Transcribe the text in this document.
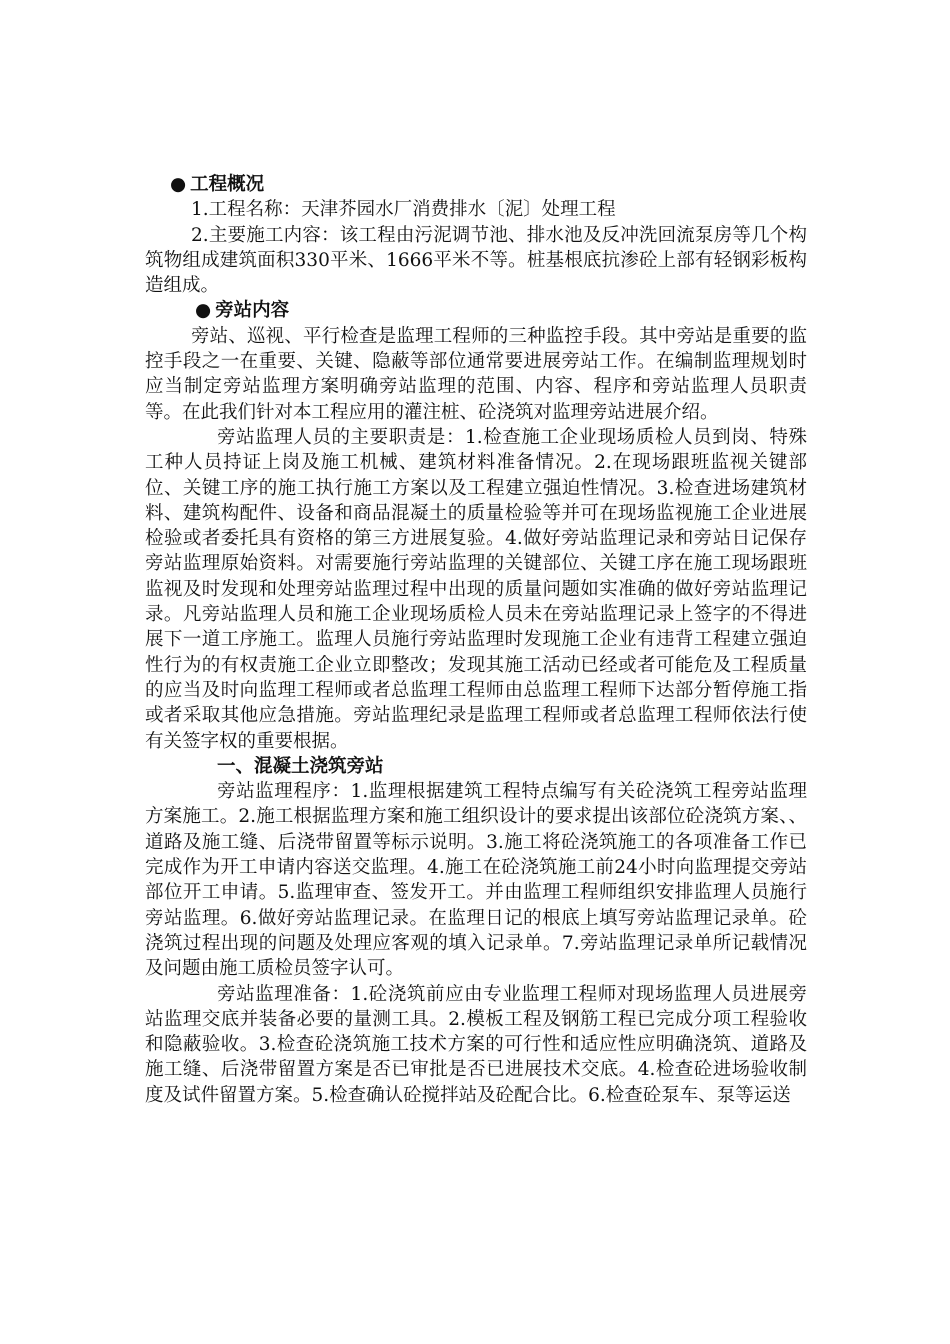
● 工程概况

1.工程名称：天津芥园水厂消费排水〔泥〕处理工程

2.主要施工内容：该工程由污泥调节池、排水池及反冲洗回流泵房等几个构筑物组成建筑面积330平米、1666平米不等。桩基根底抗渗砼上部有轻钢彩板构造组成。

● 旁站内容

旁站、巡视、平行检查是监理工程师的三种监控手段。其中旁站是重要的监控手段之一在重要、关键、隐蔽等部位通常要进展旁站工作。在编制监理规划时应当制定旁站监理方案明确旁站监理的范围、内容、程序和旁站监理人员职责等。在此我们针对本工程应用的灌注桩、砼浇筑对监理旁站进展介绍。

旁站监理人员的主要职责是：1.检查施工企业现场质检人员到岗、特殊工种人员持证上岗及施工机械、建筑材料准备情况。2.在现场跟班监视关键部位、关键工序的施工执行施工方案以及工程建立强迫性情况。3.检查进场建筑材料、建筑构配件、设备和商品混凝土的质量检验等并可在现场监视施工企业进展检验或者委托具有资格的第三方进展复验。4.做好旁站监理记录和旁站日记保存旁站监理原始资料。对需要施行旁站监理的关键部位、关键工序在施工现场跟班监视及时发现和处理旁站监理过程中出现的质量问题如实准确的做好旁站监理记录。凡旁站监理人员和施工企业现场质检人员未在旁站监理记录上签字的不得进展下一道工序施工。监理人员施行旁站监理时发现施工企业有违背工程建立强迫性行为的有权责施工企业立即整改；发现其施工活动已经或者可能危及工程质量的应当及时向监理工程师或者总监理工程师由总监理工程师下达部分暂停施工指或者采取其他应急措施。旁站监理纪录是监理工程师或者总监理工程师依法行使有关签字权的重要根据。

一、混凝土浇筑旁站

旁站监理程序：1.监理根据建筑工程特点编写有关砼浇筑工程旁站监理方案施工。2.施工根据监理方案和施工组织设计的要求提出该部位砼浇筑方案、、道路及施工缝、后浇带留置等标示说明。3.施工将砼浇筑施工的各项准备工作已完成作为开工申请内容送交监理。4.施工在砼浇筑施工前24小时向监理提交旁站部位开工申请。5.监理审查、签发开工。并由监理工程师组织安排监理人员施行旁站监理。6.做好旁站监理记录。在监理日记的根底上填写旁站监理记录单。砼浇筑过程出现的问题及处理应客观的填入记录单。7.旁站监理记录单所记载情况及问题由施工质检员签字认可。

旁站监理准备：1.砼浇筑前应由专业监理工程师对现场监理人员进展旁站监理交底并装备必要的量测工具。2.模板工程及钢筋工程已完成分项工程验收和隐蔽验收。3.检查砼浇筑施工技术方案的可行性和适应性应明确浇筑、道路及施工缝、后浇带留置方案是否已审批是否已进展技术交底。4.检查砼进场验收制度及试件留置方案。5.检查确认砼搅拌站及砼配合比。6.检查砼泵车、泵等运送
